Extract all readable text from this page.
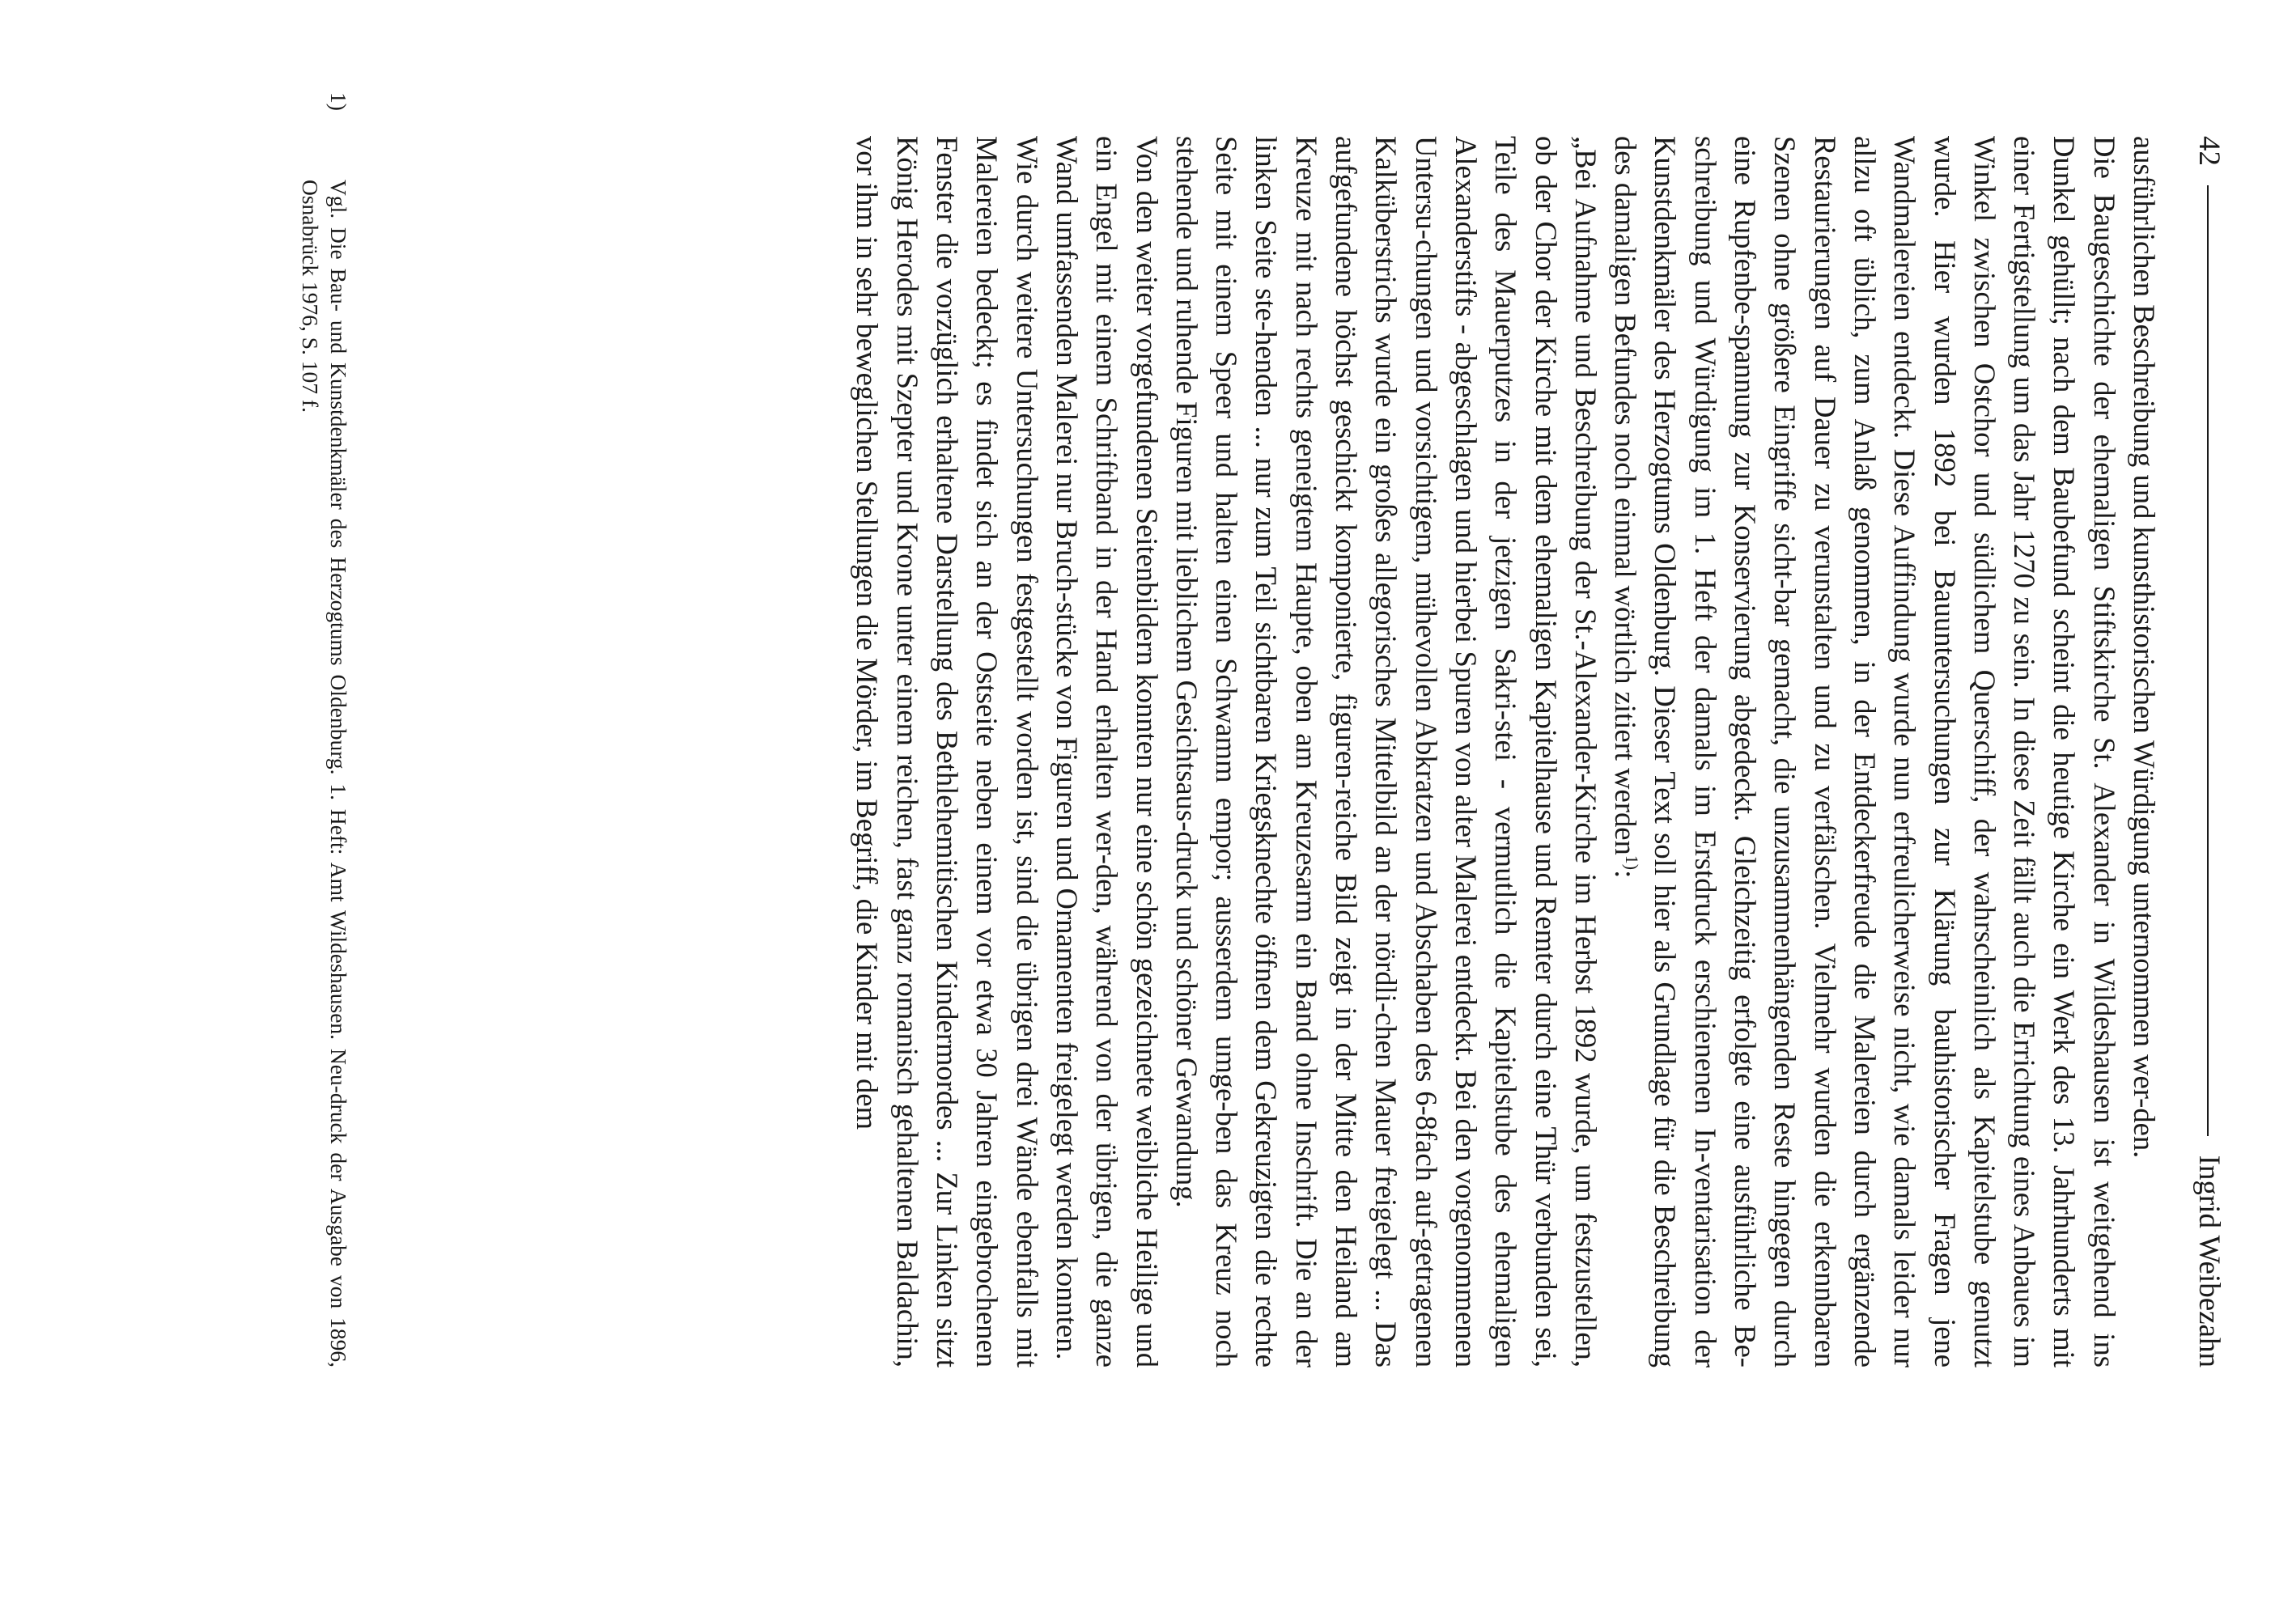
42
Ingrid Weibezahn

ausführlichen Beschreibung und kunsthistorischen Würdigung unternommen wer-den.

Die Baugeschichte der ehemaligen Stiftskirche St. Alexander in Wildeshausen ist weitgehend ins Dunkel gehüllt; nach dem Baubefund scheint die heutige Kirche ein Werk des 13. Jahrhunderts mit einer Fertigstellung um das Jahr 1270 zu sein. In diese Zeit fällt auch die Errichtung eines Anbaues im Winkel zwischen Ostchor und südlichem Querschiff, der wahrscheinlich als Kapitelstube genutzt wurde. Hier wurden 1892 bei Bauuntersuchungen zur Klärung bauhistorischer Fragen jene Wandmalereien entdeckt. Diese Auffindung wurde nun erfreulicherweise nicht, wie damals leider nur allzu oft üblich, zum Anlaß genommen, in der Entdeckerfreude die Malereien durch ergänzende Restaurierungen auf Dauer zu verunstalten und zu verfälschen. Vielmehr wurden die erkennbaren Szenen ohne größere Eingriffe sicht-bar gemacht, die unzusammenhängenden Reste hingegen durch eine Rupfenbe-spannung zur Konservierung abgedeckt. Gleichzeitig erfolgte eine ausführliche Be-schreibung und Würdigung im 1. Heft der damals im Erstdruck erschienenen In-ventarisation der Kunstdenkmäler des Herzogtums Oldenburg. Dieser Text soll hier als Grundlage für die Beschreibung des damaligen Befundes noch einmal wörtlich zitiert werden$^{1)}$:

„Bei Aufnahme und Beschreibung der St.-Alexander-Kirche im Herbst 1892 wurde, um festzustellen, ob der Chor der Kirche mit dem ehemaligen Kapitelhause und Remter durch eine Thür verbunden sei, Teile des Mauerputzes in der jetzigen Sakri-stei - vermutlich die Kapitelstube des ehemaligen Alexanderstifts - abgeschlagen und hierbei Spuren von alter Malerei entdeckt. Bei den vorgenommenen Untersu-chungen und vorsichtigem, mühevollen Abkratzen und Abschaben des 6-8fach auf-getragenen Kalküberstrichs wurde ein großes allegorisches Mittelbild an der nördli-chen Mauer freigelegt ... Das aufgefundene höchst geschickt komponierte, figuren-reiche Bild zeigt in der Mitte den Heiland am Kreuze mit nach rechts geneigtem Haupte, oben am Kreuzesarm ein Band ohne Inschrift. Die an der linken Seite ste-henden ... nur zum Teil sichtbaren Kriegsknechte öffnen dem Gekreuzigten die rechte Seite mit einem Speer und halten einen Schwamm empor; ausserdem umge-ben das Kreuz noch stehende und ruhende Figuren mit lieblichem Gesichtsaus-druck und schöner Gewandung.

Von den weiter vorgefundenen Seitenbildern konnten nur eine schön gezeichnete weibliche Heilige und ein Engel mit einem Schriftband in der Hand erhalten wer-den, während von der übrigen, die ganze Wand umfassenden Malerei nur Bruch-stücke von Figuren und Ornamenten freigelegt werden konnten.

Wie durch weitere Untersuchungen festgestellt worden ist, sind die übrigen drei Wände ebenfalls mit Malereien bedeckt; es findet sich an der Ostseite neben einem vor etwa 30 Jahren eingebrochenen Fenster die vorzüglich erhaltene Darstellung des Bethlehemitischen Kindermordes ... Zur Linken sitzt König Herodes mit Szepter und Krone unter einem reichen, fast ganz romanisch gehaltenen Baldachin, vor ihm in sehr beweglichen Stellungen die Mörder, im Begriff, die Kinder mit dem

1)Vgl. Die Bau- und Kunstdenkmäler des Herzogtums Oldenburg. 1. Heft: Amt Wildeshausen. Neu-druck der Ausgabe von 1896, Osnabrück 1976, S. 107 f.
